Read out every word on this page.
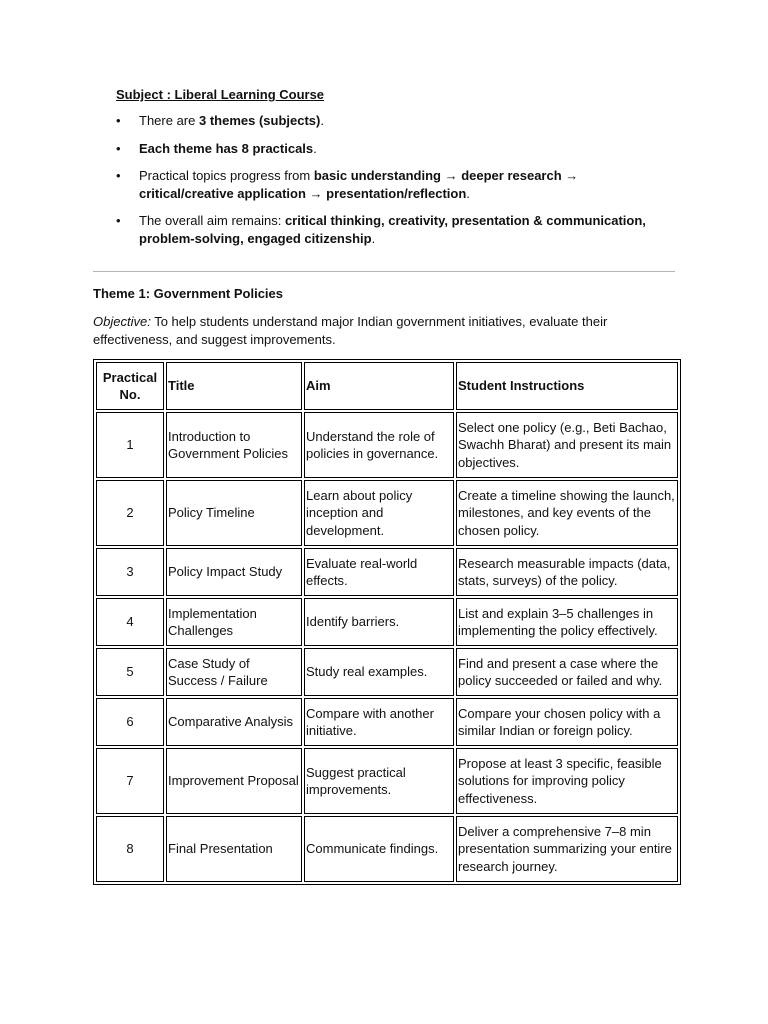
Subject : Liberal Learning Course

• There are 3 themes (subjects).
• Each theme has 8 practicals.
• Practical topics progress from basic understanding → deeper research → critical/creative application → presentation/reflection.
• The overall aim remains: critical thinking, creativity, presentation & communication, problem-solving, engaged citizenship.

Theme 1: Government Policies

Objective: To help students understand major Indian government initiatives, evaluate their effectiveness, and suggest improvements.

Practical No.	Title	Aim	Student Instructions
1	Introduction to Government Policies	Understand the role of policies in governance.	Select one policy (e.g., Beti Bachao, Swachh Bharat) and present its main objectives.
2	Policy Timeline	Learn about policy inception and development.	Create a timeline showing the launch, milestones, and key events of the chosen policy.
3	Policy Impact Study	Evaluate real-world effects.	Research measurable impacts (data, stats, surveys) of the policy.
4	Implementation Challenges	Identify barriers.	List and explain 3–5 challenges in implementing the policy effectively.
5	Case Study of Success / Failure	Study real examples.	Find and present a case where the policy succeeded or failed and why.
6	Comparative Analysis	Compare with another initiative.	Compare your chosen policy with a similar Indian or foreign policy.
7	Improvement Proposal	Suggest practical improvements.	Propose at least 3 specific, feasible solutions for improving policy effectiveness.
8	Final Presentation	Communicate findings.	Deliver a comprehensive 7–8 min presentation summarizing your entire research journey.
